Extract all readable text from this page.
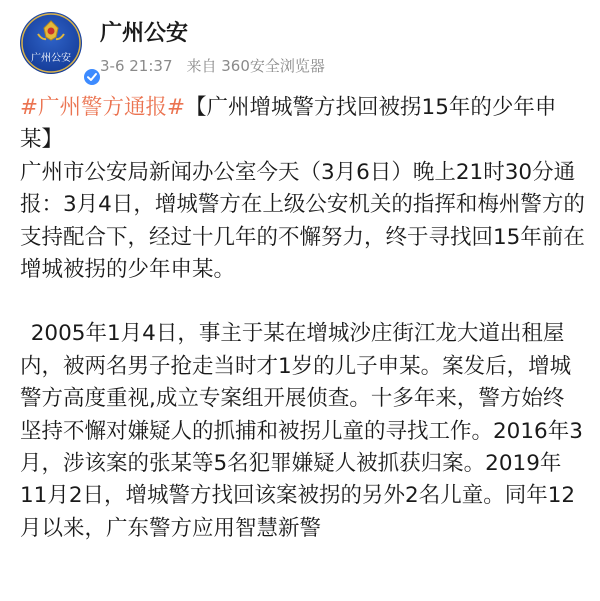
广州公安
广州公安
3-6 21:37 来自 360安全浏览器

#广州警方通报#【广州增城警方找回被拐15年的少年申某】

广州市公安局新闻办公室今天（3月6日）晚上21时30分通报：3月4日，增城警方在上级公安机关的指挥和梅州警方的支持配合下，经过十几年的不懈努力，终于寻找回15年前在增城被拐的少年申某。

2005年1月4日，事主于某在增城沙庄街江龙大道出租屋内，被两名男子抢走当时才1岁的儿子申某。案发后，增城警方高度重视,成立专案组开展侦查。十多年来，警方始终坚持不懈对嫌疑人的抓捕和被拐儿童的寻找工作。2016年3月，涉该案的张某等5名犯罪嫌疑人被抓获归案。2019年11月2日，增城警方找回该案被拐的另外2名儿童。同年12月以来，广东警方应用智慧新警
